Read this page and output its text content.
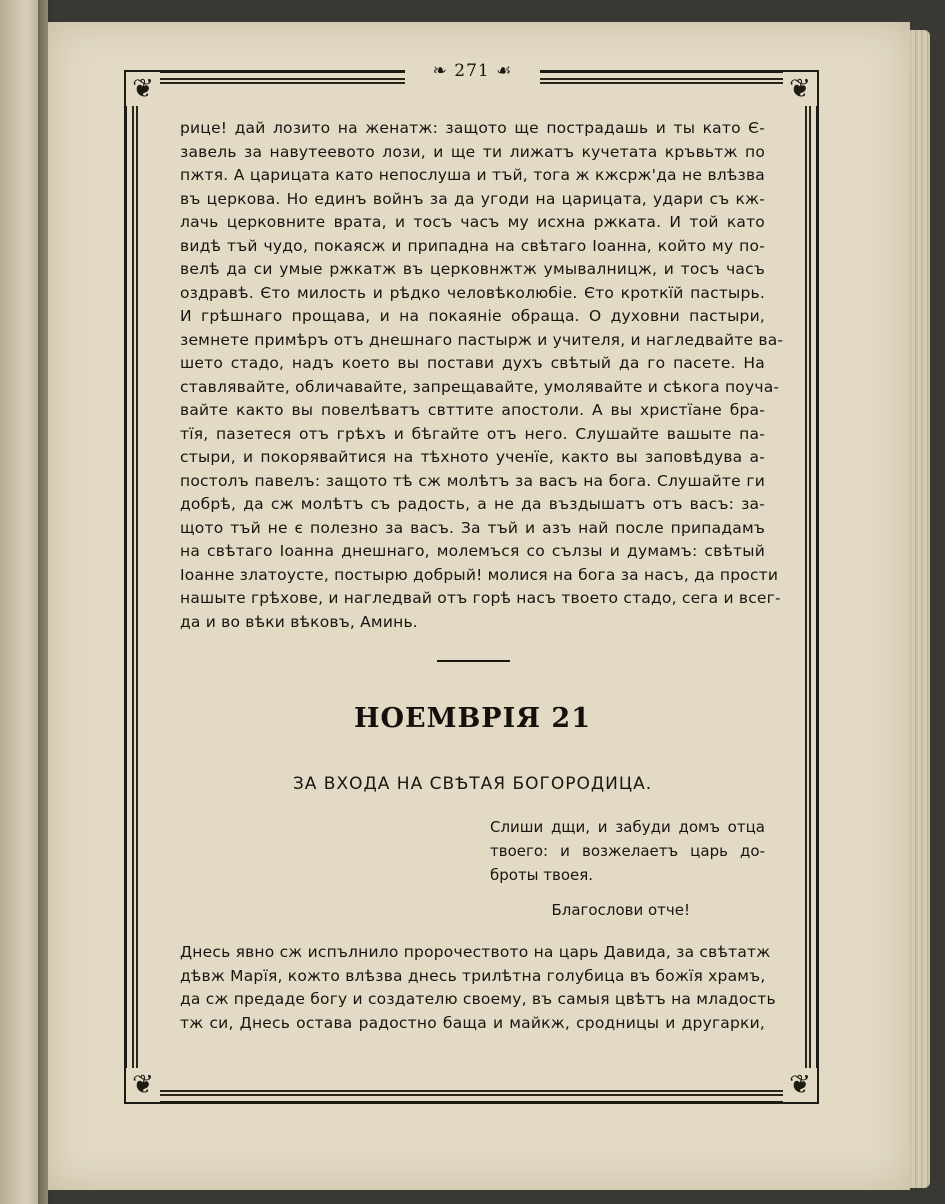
❦	❦
❦	❦
❧ 271 ☙
рице! дай лозито на женатж: защото ще пострадашь и ты като Є-
завель за навутеевото лози, и ще ти лижатъ кучетата кръвьтж по
пжтя. А царицата като непослуша и тъй, тога ж кжсрж'да не влѣзва
въ церкова. Но единъ войнъ за да угоди на царицата, удари съ кж-
лачь церковните врата, и тосъ часъ му исхна ржката. И той като
видѣ тъй чудо, покаясж и припадна на свѣтаго Іоанна, който му по-
велѣ да си умые ржкатж въ церковнжтж умывалницж, и тосъ часъ
оздравѣ. Єто милость и рѣдко человѣколюбіе. Єто кроткїй пастырь.
И грѣшнаго прощава, и на покаяніе обраща. О духовни пастыри,
земнете примѣръ отъ днешнаго пастырж и учителя, и нагледвайте ва-
шето стадо, надъ което вы постави духъ свѣтый да го пасете. На
ставлявайте, обличавайте, запрещавайте, умолявайте и сѣкога поуча-
вайте както вы повелѣватъ свттите апостоли. А вы христїане бра-
тїя, пазетеся отъ грѣхъ и бѣгайте отъ него. Слушайте вашыте па-
стыри, и покорявайтися на тѣхното ученїе, както вы заповѣдува а-
постолъ павелъ: защото тѣ сж молѣтъ за васъ на бога. Слушайте ги
добрѣ, да сж молѣтъ съ радость, а не да въздышатъ отъ васъ: за-
щото тъй не є полезно за васъ. За тъй и азъ най после припадамъ
на свѣтаго Іоанна днешнаго, молемъся со сълзы и думамъ: свѣтый
Іоанне златоусте, постырю добрый! молися на бога за насъ, да прости
нашыте грѣхове, и нагледвай отъ горѣ насъ твоето стадо, сега и всег-
да и во вѣки вѣковъ, Аминь.
НОЕМВРІЯ 21
ЗА ВХОДА НА СВѢТАЯ БОГОРОДИЦА.
Слиши дщи, и забуди домъ отца
твоего: и возжелаетъ царь до-
броты твоея.
Благослови отче!
Днесь явно сж испълнило пророчеството на царь Давида, за свѣтатж
дѣвж Марїя, кожто влѣзва днесь трилѣтна голубица въ божїя храмъ,
да сж предаде богу и создателю своему, въ самыя цвѣтъ на младость
тж си, Днесь остава радостно баща и майкж, сродницы и другарки,
